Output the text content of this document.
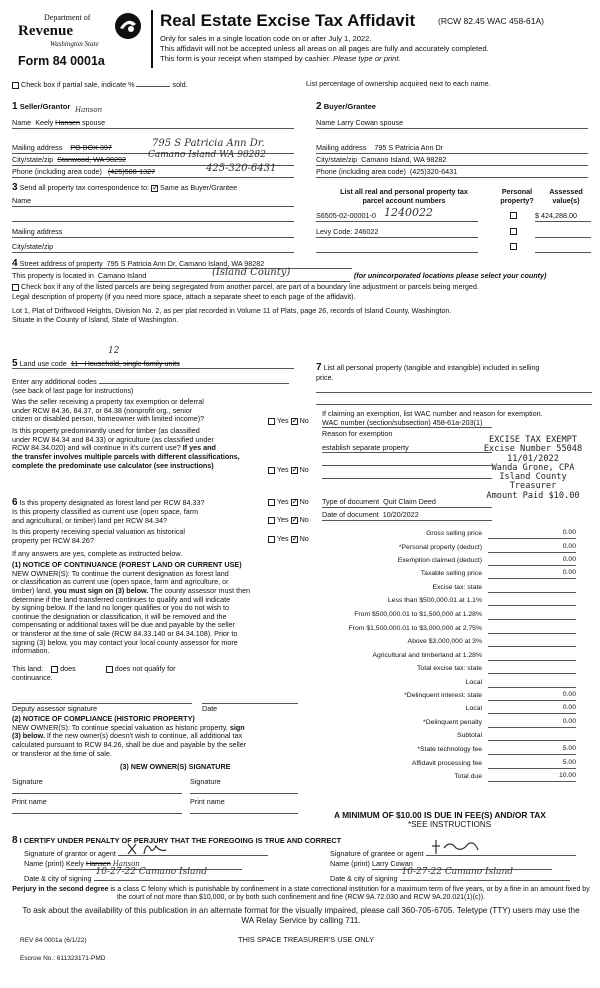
Department of
Revenue
Washington State
Form 84 0001a
Real Estate Excise Tax Affidavit	(RCW 82.45 WAC 458-61A)
Only for sales in a single location code on or after July 1, 2022.
This affidavit will not be accepted unless all areas on all pages are fully and accurately completed.
This form is your receipt when stamped by cashier. Please type or print.
Check box if partial sale, indicate %	sold.	List percentage of ownership acquired next to each name.
1 Seller/Grantor Hanson
Name Keely Hansen spouse
Mailing address PO BOX 397	795 S Patricia Ann Dr.
City/state/zip Stanwood, WA 98292	Camano Island WA 98282
Phone (including area code) (425)508-1327	425-320-6431
2 Buyer/Grantee
Name Larry Cowan spouse
Mailing address 795 S Patricia Ann Dr
City/state/zip Camano Island, WA 98282
Phone (including area code) (425)320-6431
3 Send all property tax correspondence to: ✓ Same as Buyer/Grantee
Name
Mailing address
City/state/zip
List all real and personal property tax
parcel account numbers
Personal
property?
Assessed
value(s)
S6505-02-00001-0 1240022	$ 424,288.00
Levy Code: 246022
4 Street address of property 795 S Patricia Ann Dr, Camano Island, WA 98282
This property is located in Camano Island	(for unincorporated locations please select your county)
(Island County)
Check box if any of the listed parcels are being segregated from another parcel, are part of a boundary line adjustment or parcels being merged.
Legal description of property (if you need more space, attach a separate sheet to each page of the affidavit).
Lot 1, Plat of Driftwood Heights, Division No. 2, as per plat recorded in Volume 11 of Plats, page 26, records of Island County, Washington.
Situate in the County of Island, State of Washington.
12
5 Land use code 11 - Household, single family units
Enter any additional codes
(see back of last page for instructions)
Was the seller receiving a property tax exemption or deferral
under RCW 84.36, 84.37, or 84.38 (nonprofit org., senior
citizen or disabled person, homeowner with limited income)?	Yes ✓ No
Is this property predominantly used for timber (as classified
under RCW 84.34 and 84.33) or agriculture (as classified under
RCW 84.34.020) and will continue in it's current use? If yes and
the transfer involves multiple parcels with different classifications,
complete the predominate use calculator (see instructions)	Yes ✓ No
6 Is this property designated as forest land per RCW 84.33?	Yes ✓ No
Is this property classified as current use (open space, farm
and agricultural, or timber) land per RCW 84.34?	Yes ✓ No
Is this property receiving special valuation as historical
property per RCW 84.26?	Yes ✓ No
If any answers are yes, complete as instructed below.
(1) NOTICE OF CONTINUANCE (FOREST LAND OR CURRENT USE)
NEW OWNER(S): To continue the current designation as forest land
or classification as current use (open space, farm and agriculture, or
timber) land, you must sign on (3) below. The county assessor must then
determine if the land transferred continues to qualify and will indicate
by signing below. If the land no longer qualifies or you do not wish to
continue the designation or classification, it will be removed and the
compensating or additional taxes will be due and payable by the seller
or transferor at the time of sale (RCW 84.33.140 or 84.34.108). Prior to
signing (3) below, you may contact your local county assessor for more
information.
This land: does	does not qualify for
continuance.
Deputy assessor signature	Date
(2) NOTICE OF COMPLIANCE (HISTORIC PROPERTY)
NEW OWNER(S): To continue special valuation as historic property, sign
(3) below. If the new owner(s) doesn't wish to continue, all additional tax
calculated pursuant to RCW 84.26, shall be due and payable by the seller
or transferor at the time of sale.
(3) NEW OWNER(S) SIGNATURE
Signature	Signature
Print name	Print name
7 List all personal property (tangible and intangible) included in selling
price.
If claiming an exemption, list WAC number and reason for exemption.
WAC number (section/subsection) 458-61a-203(1)
Reason for exemption
establish separate property
EXCISE TAX EXEMPT
Excise Number 55048
11/01/2022
Wanda Grone, CPA
Island County Treasurer
Amount Paid $10.00
Type of document Quit Claim Deed
Date of document 10/20/2022
Gross selling price	0.00
*Personal property (deduct)	0.00
Exemption claimed (deduct)	0.00
Taxable selling price	0.00
Excise tax: state
Less than $500,000.01 at 1.1%
From $500,000.01 to $1,500,000 at 1.28%
From $1,500,000.01 to $3,000,000 at 2.75%
Above $3,000,000 at 3%
Agricultural and timberland at 1.28%
Total excise tax: state
Local
*Delinquent interest: state	0.00
Local	0.00
*Delinquent penalty	0.00
Subtotal
*State technology fee	5.00
Affidavit processing fee	5.00
Total due	10.00
A MINIMUM OF $10.00 IS DUE IN FEE(S) AND/OR TAX
*SEE INSTRUCTIONS
8 I CERTIFY UNDER PENALTY OF PERJURY THAT THE FOREGOING IS TRUE AND CORRECT
Signature of grantor or agent
Name (print) Keely Hansen Hanson
Date & city of signing
10-27-22 Camano Island
Signature of grantee or agent
Name (print) Larry Cowan
Date & city of signing
10-27-22 Camano Island
Perjury in the second degree is a class C felony which is punishable by confinement in a state correctional institution for a maximum term of five years, or by a fine in an amount fixed by the court of not more than $10,000, or by both such confinement and fine (RCW 9A.72.030 and RCW 9A.20.021(1)(c)).
To ask about the availability of this publication in an alternate format for the visually impaired, please call 360-705-6705. Teletype (TTY) users may use the WA Relay Service by calling 711.
REV 84 0001a (6/1/22)	THIS SPACE TREASURER'S USE ONLY
Escrow No.: 611323171-PMD
